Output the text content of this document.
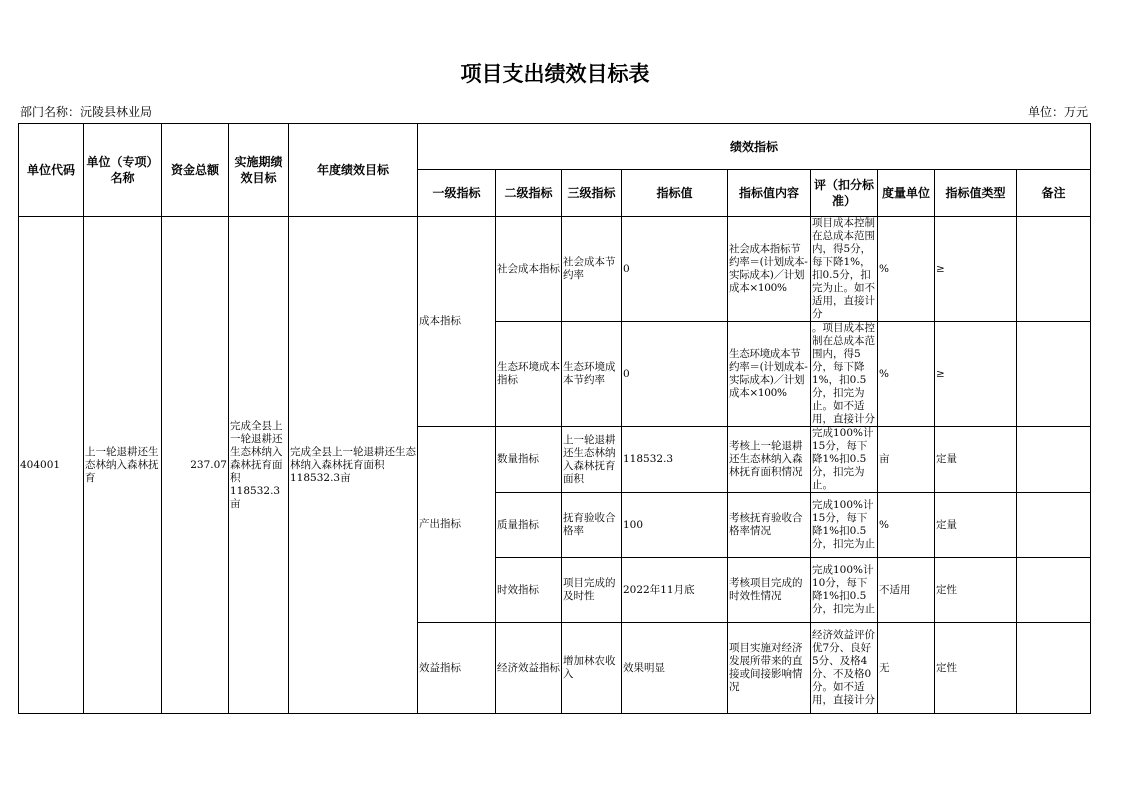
项目支出绩效目标表
部门名称：沅陵县林业局	单位：万元
单位代码	单位（专项）名称	资金总额	实施期绩效目标	年度绩效目标	绩效指标								
					一级指标	二级指标	三级指标	指标值	指标值内容	评（扣分标准）	度量单位	指标值类型	备注
404001	上一轮退耕还生态林纳入森林抚育	237.07	完成全县上一轮退耕还生态林纳入森林抚育面积118532.3亩	完成全县上一轮退耕还生态林纳入森林抚育面积118532.3亩	成本指标	社会成本指标	社会成本节约率	0	社会成本指标节约率＝(计划成本-实际成本)／计划成本×100%	项目成本控制在总成本范围内，得5分，每下降1%，扣0.5分，扣完为止。如不适用，直接计分	%	≥	
						生态环境成本指标	生态环境成本节约率	0	生态环境成本节约率＝(计划成本-实际成本)／计划成本×100%	。项目成本控制在总成本范围内，得5分，每下降1%，扣0.5分，扣完为止。如不适用，直接计分	%	≥	
					产出指标	数量指标	上一轮退耕还生态林纳入森林抚育面积	118532.3	考核上一轮退耕还生态林纳入森林抚育面积情况	完成100%计15分，每下降1%扣0.5分，扣完为止。	亩	定量	
						质量指标	抚育验收合格率	100	考核抚育验收合格率情况	完成100%计15分，每下降1%扣0.5分，扣完为止	%	定量	
						时效指标	项目完成的及时性	2022年11月底	考核项目完成的时效性情况	完成100%计10分，每下降1%扣0.5分，扣完为止	不适用	定性	
					效益指标	经济效益指标	增加林农收入	效果明显	项目实施对经济发展所带来的直接或间接影响情况	经济效益评价优7分、良好5分、及格4分、不及格0分。如不适用，直接计分	无	定性	
